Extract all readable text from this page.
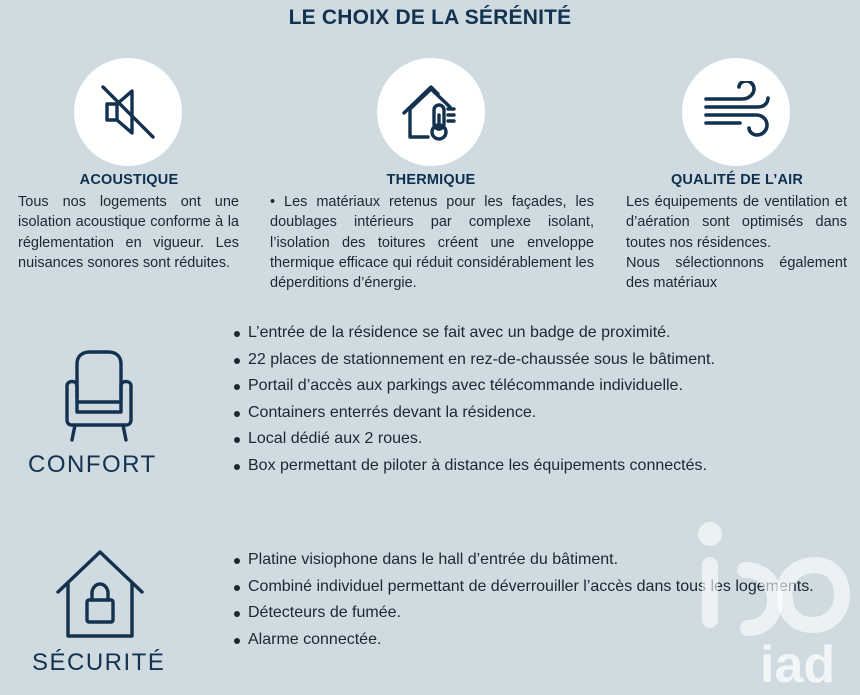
LE CHOIX DE LA SÉRÉNITÉ
ACOUSTIQUE
Tous nos logements ont une isolation acoustique conforme à la réglementation en vigueur. Les nuisances sonores sont réduites.
THERMIQUE
• Les matériaux retenus pour les façades, les doublages intérieurs par complexe isolant, l’isolation des toitures créent une enveloppe thermique efficace qui réduit considérablement les déperditions d’énergie.
QUALITÉ DE L’AIR

Les équipements de ventilation et d’aération sont optimisés dans toutes nos résidences.

Nous sélectionnons également des matériaux

CONFORT
L’entrée de la résidence se fait avec un badge de proximité.
22 places de stationnement en rez-de-chaussée sous le bâtiment.
Portail d’accès aux parkings avec télécommande individuelle.
Containers enterrés devant la résidence.
Local dédié aux 2 roues.
Box permettant de piloter à distance les équipements connectés.
SÉCURITÉ
Platine visiophone dans le hall d’entrée du bâtiment.
Combiné individuel permettant de déverrouiller l’accès dans tous les logements.
Détecteurs de fumée.
Alarme connectée.	iad
